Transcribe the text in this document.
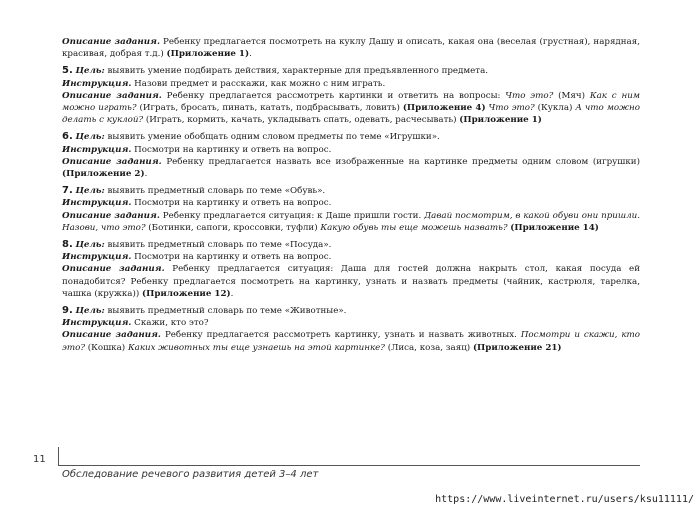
Описание задания. Ребенку предлагается посмотреть на куклу Дашу и описать, какая она (веселая (грустная), нарядная, красивая, добрая т.д.) (Приложение 1).

5. Цель: выявить умение подбирать действия, характерные для предъявленного предмета.

Инструкция. Назови предмет и расскажи, как можно с ним играть.

Описание задания. Ребенку предлагается рассмотреть картинки и ответить на вопросы: Что это? (Мяч) Как с ним можно играть? (Играть, бросать, пинать, катать, подбрасывать, ловить) (Приложение 4) Что это? (Кукла) А что можно делать с куклой? (Играть, кормить, качать, укладывать спать, одевать, расчесывать) (Приложение 1)

6. Цель: выявить умение обобщать одним словом предметы по теме «Игрушки».

Инструкция. Посмотри на картинку и ответь на вопрос.

Описание задания. Ребенку предлагается назвать все изображенные на картинке предметы одним словом (игрушки) (Приложение 2).

7. Цель: выявить предметный словарь по теме «Обувь».

Инструкция. Посмотри на картинку и ответь на вопрос.

Описание задания. Ребенку предлагается ситуация: к Даше пришли гости. Давай посмотрим, в какой обуви они пришли. Назови, что это? (Ботинки, сапоги, кроссовки, туфли) Какую обувь ты еще можешь назвать? (Приложение 14)

8. Цель: выявить предметный словарь по теме «Посуда».

Инструкция. Посмотри на картинку и ответь на вопрос.

Описание задания. Ребенку предлагается ситуация: Даша для гостей должна накрыть стол, какая посуда ей понадобится? Ребенку предлагается посмотреть на картинку, узнать и назвать предметы (чайник, кастрюля, тарелка, чашка (кружка)) (Приложение 12).

9. Цель: выявить предметный словарь по теме «Животные».

Инструкция. Скажи, кто это?

Описание задания. Ребенку предлагается рассмотреть картинку, узнать и назвать животных. Посмотри и скажи, кто это? (Кошка) Каких животных ты еще узнаешь на этой картинке? (Лиса, коза, заяц) (Приложение 21)

11
Обследование речевого развития детей 3–4 лет
https://www.liveinternet.ru/users/ksu11111/
